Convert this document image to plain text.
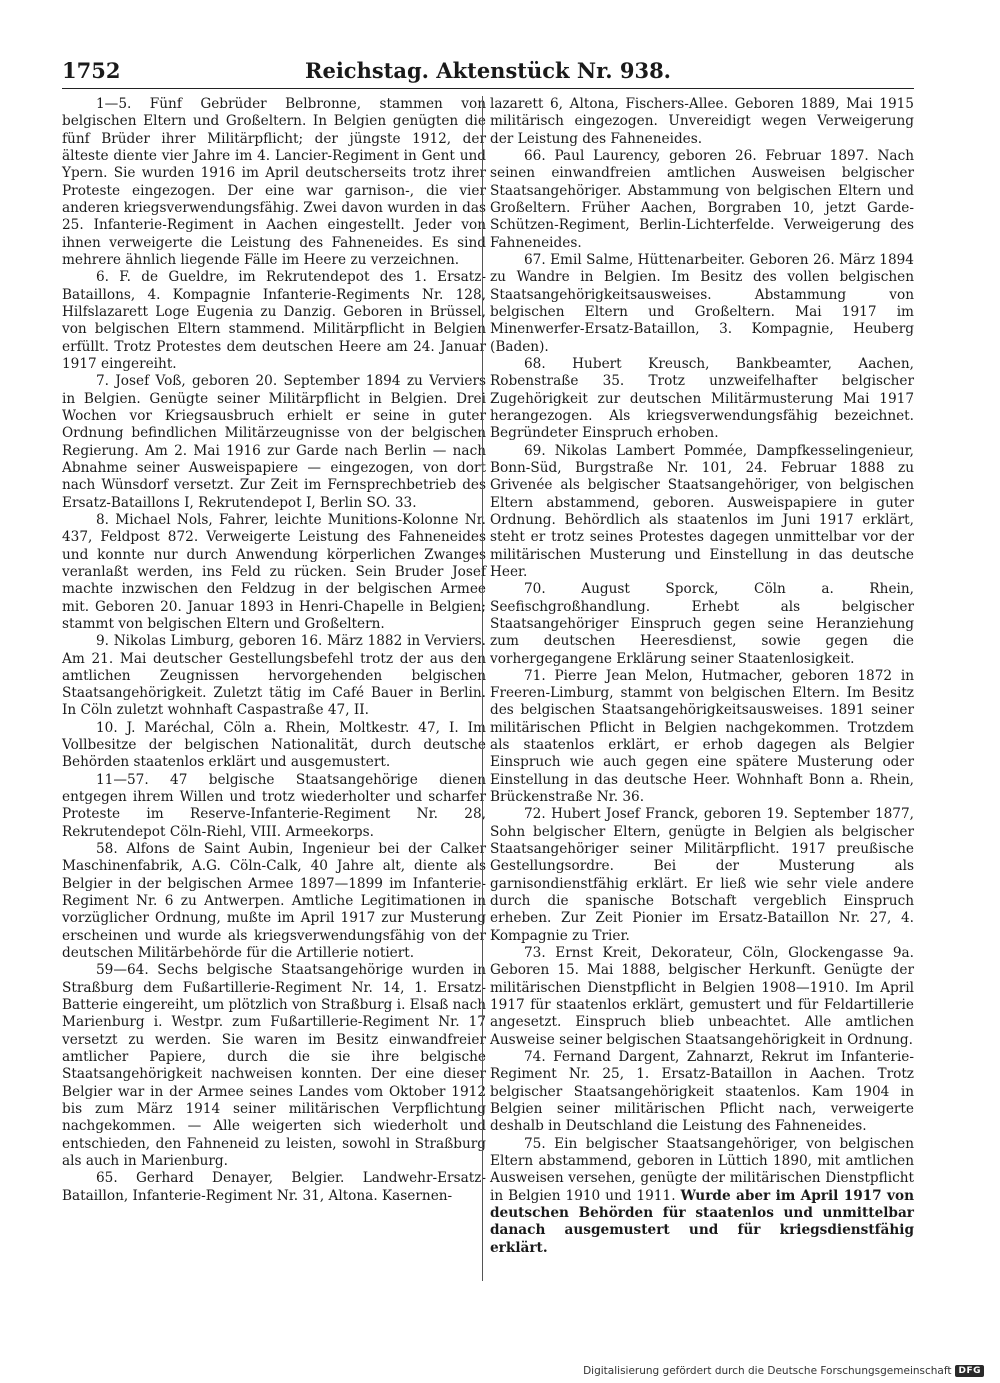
1752	Reichstag. Aktenstück Nr. 938.

1—5. Fünf Gebrüder Belbronne, stammen von belgischen Eltern und Großeltern. In Belgien genügten die fünf Brüder ihrer Militärpflicht; der jüngste 1912, der älteste diente vier Jahre im 4. Lancier-Regiment in Gent und Ypern. Sie wurden 1916 im April deutscherseits trotz ihrer Proteste eingezogen. Der eine war garnison-, die vier anderen kriegsverwendungsfähig. Zwei davon wurden in das 25. Infanterie-Regiment in Aachen eingestellt. Jeder von ihnen verweigerte die Leistung des Fahneneides. Es sind mehrere ähnlich liegende Fälle im Heere zu verzeichnen.

6. F. de Gueldre, im Rekrutendepot des 1. Ersatz-Bataillons, 4. Kompagnie Infanterie-Regiments Nr. 128, Hilfslazarett Loge Eugenia zu Danzig. Geboren in Brüssel, von belgischen Eltern stammend. Militärpflicht in Belgien erfüllt. Trotz Protestes dem deutschen Heere am 24. Januar 1917 eingereiht.

7. Josef Voß, geboren 20. September 1894 zu Verviers in Belgien. Genügte seiner Militärpflicht in Belgien. Drei Wochen vor Kriegsausbruch erhielt er seine in guter Ordnung befindlichen Militärzeugnisse von der belgischen Regierung. Am 2. Mai 1916 zur Garde nach Berlin — nach Abnahme seiner Ausweispapiere — eingezogen, von dort nach Wünsdorf versetzt. Zur Zeit im Fernsprechbetrieb des Ersatz-Bataillons I, Rekrutendepot I, Berlin SO. 33.

8. Michael Nols, Fahrer, leichte Munitions-Kolonne Nr. 437, Feldpost 872. Verweigerte Leistung des Fahneneides und konnte nur durch Anwendung körperlichen Zwanges veranlaßt werden, ins Feld zu rücken. Sein Bruder Josef machte inzwischen den Feldzug in der belgischen Armee mit. Geboren 20. Januar 1893 in Henri-Chapelle in Belgien; stammt von belgischen Eltern und Großeltern.

9. Nikolas Limburg, geboren 16. März 1882 in Verviers. Am 21. Mai deutscher Gestellungsbefehl trotz der aus den amtlichen Zeugnissen hervorgehenden belgischen Staatsangehörigkeit. Zuletzt tätig im Café Bauer in Berlin. In Cöln zuletzt wohnhaft Caspastraße 47, II.

10. J. Maréchal, Cöln a. Rhein, Moltkestr. 47, I. Im Vollbesitze der belgischen Nationalität, durch deutsche Behörden staatenlos erklärt und ausgemustert.

11—57. 47 belgische Staatsangehörige dienen entgegen ihrem Willen und trotz wiederholter und scharfer Proteste im Reserve-Infanterie-Regiment Nr. 28, Rekrutendepot Cöln-Riehl, VIII. Armeekorps.

58. Alfons de Saint Aubin, Ingenieur bei der Calker Maschinenfabrik, A.G. Cöln-Calk, 40 Jahre alt, diente als Belgier in der belgischen Armee 1897—1899 im Infanterie-Regiment Nr. 6 zu Antwerpen. Amtliche Legitimationen in vorzüglicher Ordnung, mußte im April 1917 zur Musterung erscheinen und wurde als kriegsverwendungsfähig von der deutschen Militärbehörde für die Artillerie notiert.

59—64. Sechs belgische Staatsangehörige wurden in Straßburg dem Fußartillerie-Regiment Nr. 14, 1. Ersatz-Batterie eingereiht, um plötzlich von Straßburg i. Elsaß nach Marienburg i. Westpr. zum Fußartillerie-Regiment Nr. 17 versetzt zu werden. Sie waren im Besitz einwandfreier amtlicher Papiere, durch die sie ihre belgische Staatsangehörigkeit nachweisen konnten. Der eine dieser Belgier war in der Armee seines Landes vom Oktober 1912 bis zum März 1914 seiner militärischen Verpflichtung nachgekommen. — Alle weigerten sich wiederholt und entschieden, den Fahneneid zu leisten, sowohl in Straßburg als auch in Marienburg.

65. Gerhard Denayer, Belgier. Landwehr-Ersatz-Bataillon, Infanterie-Regiment Nr. 31, Altona. Kasernen-

lazarett 6, Altona, Fischers-Allee. Geboren 1889, Mai 1915 militärisch eingezogen. Unvereidigt wegen Verweigerung der Leistung des Fahneneides.

66. Paul Laurency, geboren 26. Februar 1897. Nach seinen einwandfreien amtlichen Ausweisen belgischer Staatsangehöriger. Abstammung von belgischen Eltern und Großeltern. Früher Aachen, Borgraben 10, jetzt Garde-Schützen-Regiment, Berlin-Lichterfelde. Verweigerung des Fahneneides.

67. Emil Salme, Hüttenarbeiter. Geboren 26. März 1894 zu Wandre in Belgien. Im Besitz des vollen belgischen Staatsangehörigkeitsausweises. Abstammung von belgischen Eltern und Großeltern. Mai 1917 im Minenwerfer-Ersatz-Bataillon, 3. Kompagnie, Heuberg (Baden).

68. Hubert Kreusch, Bankbeamter, Aachen, Robenstraße 35. Trotz unzweifelhafter belgischer Zugehörigkeit zur deutschen Militärmusterung Mai 1917 herangezogen. Als kriegsverwendungsfähig bezeichnet. Begründeter Einspruch erhoben.

69. Nikolas Lambert Pommée, Dampfkesselingenieur, Bonn-Süd, Burgstraße Nr. 101, 24. Februar 1888 zu Grivenée als belgischer Staatsangehöriger, von belgischen Eltern abstammend, geboren. Ausweispapiere in guter Ordnung. Behördlich als staatenlos im Juni 1917 erklärt, steht er trotz seines Protestes dagegen unmittelbar vor der militärischen Musterung und Einstellung in das deutsche Heer.

70. August Sporck, Cöln a. Rhein, Seefischgroßhandlung. Erhebt als belgischer Staatsangehöriger Einspruch gegen seine Heranziehung zum deutschen Heeresdienst, sowie gegen die vorhergegangene Erklärung seiner Staatenlosigkeit.

71. Pierre Jean Melon, Hutmacher, geboren 1872 in Freeren-Limburg, stammt von belgischen Eltern. Im Besitz des belgischen Staatsangehörigkeitsausweises. 1891 seiner militärischen Pflicht in Belgien nachgekommen. Trotzdem als staatenlos erklärt, er erhob dagegen als Belgier Einspruch wie auch gegen eine spätere Musterung oder Einstellung in das deutsche Heer. Wohnhaft Bonn a. Rhein, Brückenstraße Nr. 36.

72. Hubert Josef Franck, geboren 19. September 1877, Sohn belgischer Eltern, genügte in Belgien als belgischer Staatsangehöriger seiner Militärpflicht. 1917 preußische Gestellungsordre. Bei der Musterung als garnisondienstfähig erklärt. Er ließ wie sehr viele andere durch die spanische Botschaft vergeblich Einspruch erheben. Zur Zeit Pionier im Ersatz-Bataillon Nr. 27, 4. Kompagnie zu Trier.

73. Ernst Kreit, Dekorateur, Cöln, Glockengasse 9a. Geboren 15. Mai 1888, belgischer Herkunft. Genügte der militärischen Dienstpflicht in Belgien 1908—1910. Im April 1917 für staatenlos erklärt, gemustert und für Feldartillerie angesetzt. Einspruch blieb unbeachtet. Alle amtlichen Ausweise seiner belgischen Staatsangehörigkeit in Ordnung.

74. Fernand Dargent, Zahnarzt, Rekrut im Infanterie-Regiment Nr. 25, 1. Ersatz-Bataillon in Aachen. Trotz belgischer Staatsangehörigkeit staatenlos. Kam 1904 in Belgien seiner militärischen Pflicht nach, verweigerte deshalb in Deutschland die Leistung des Fahneneides.

75. Ein belgischer Staatsangehöriger, von belgischen Eltern abstammend, geboren in Lüttich 1890, mit amtlichen Ausweisen versehen, genügte der militärischen Dienstpflicht in Belgien 1910 und 1911. Wurde aber im April 1917 von deutschen Behörden für staatenlos und unmittelbar danach ausgemustert und für kriegsdienstfähig erklärt.

Digitalisierung gefördert durch die Deutsche Forschungsgemeinschaft DFG
